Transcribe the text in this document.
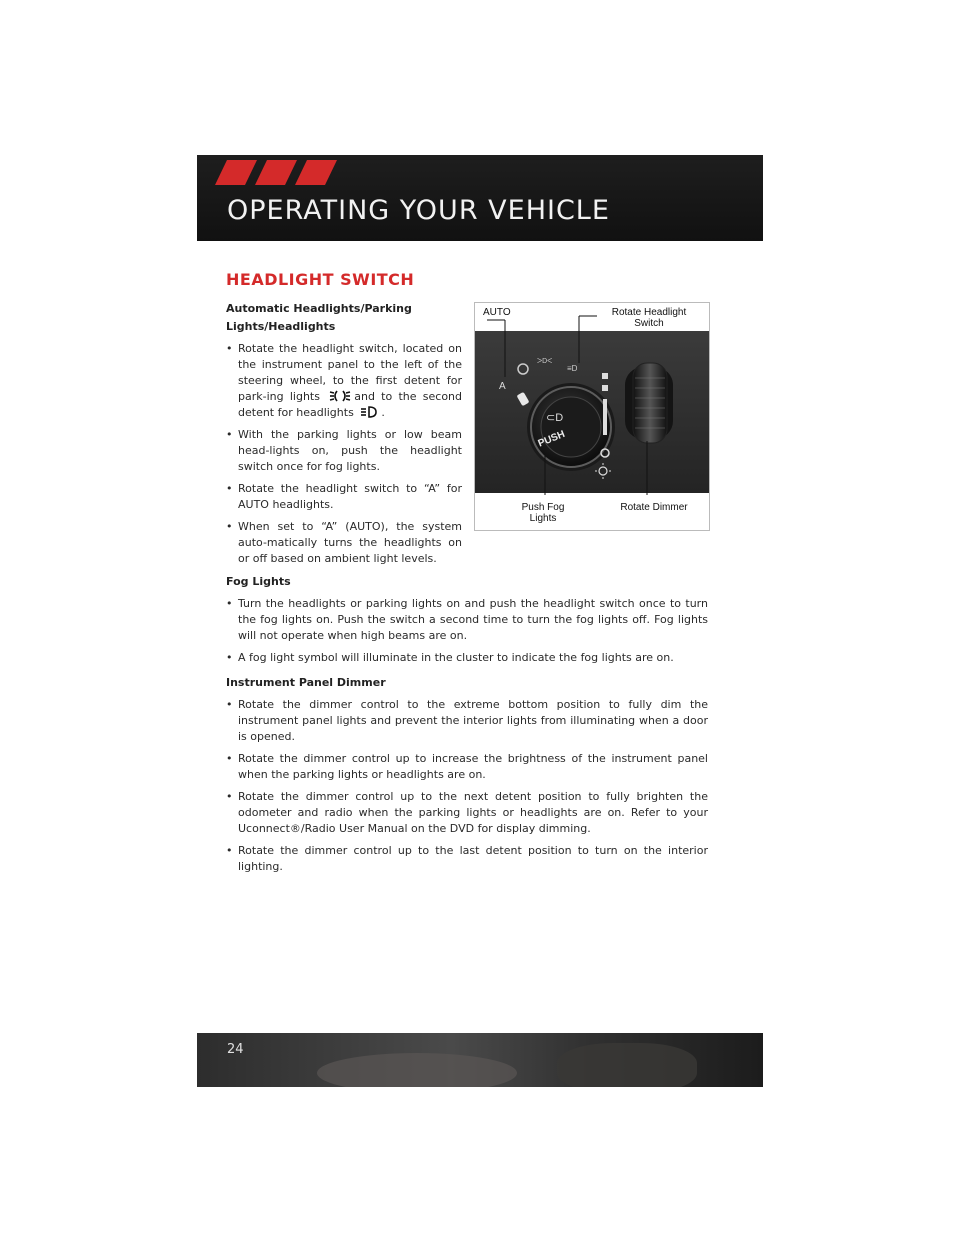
OPERATING YOUR VEHICLE
HEADLIGHT SWITCH

Automatic Headlights/Parking
Lights/Headlights

• Rotate the headlight switch, located on the instrument panel to the left of the steering wheel, to the first detent for park-ing lights	and to the second detent for headlights	.

• With the parking lights or low beam head-lights on, push the headlight switch once for fog lights.

• Rotate the headlight switch to “A” for AUTO headlights.

• When set to “A” (AUTO), the system auto-matically turns the headlights on or off based on ambient light levels.

A
ᐳDᐸ
≡D
⊂D
PUSH
AUTO	Rotate Headlight
Switch
Push Fog
Lights
Rotate Dimmer

Fog Lights

• Turn the headlights or parking lights on and push the headlight switch once to turn the fog lights on. Push the switch a second time to turn the fog lights off. Fog lights will not operate when high beams are on.

• A fog light symbol will illuminate in the cluster to indicate the fog lights are on.

Instrument Panel Dimmer

• Rotate the dimmer control to the extreme bottom position to fully dim the instrument panel lights and prevent the interior lights from illuminating when a door is opened.

• Rotate the dimmer control up to increase the brightness of the instrument panel when the parking lights or headlights are on.

• Rotate the dimmer control up to the next detent position to fully brighten the odometer and radio when the parking lights or headlights are on. Refer to your Uconnect®/Radio User Manual on the DVD for display dimming.

• Rotate the dimmer control up to the last detent position to turn on the interior lighting.

24
